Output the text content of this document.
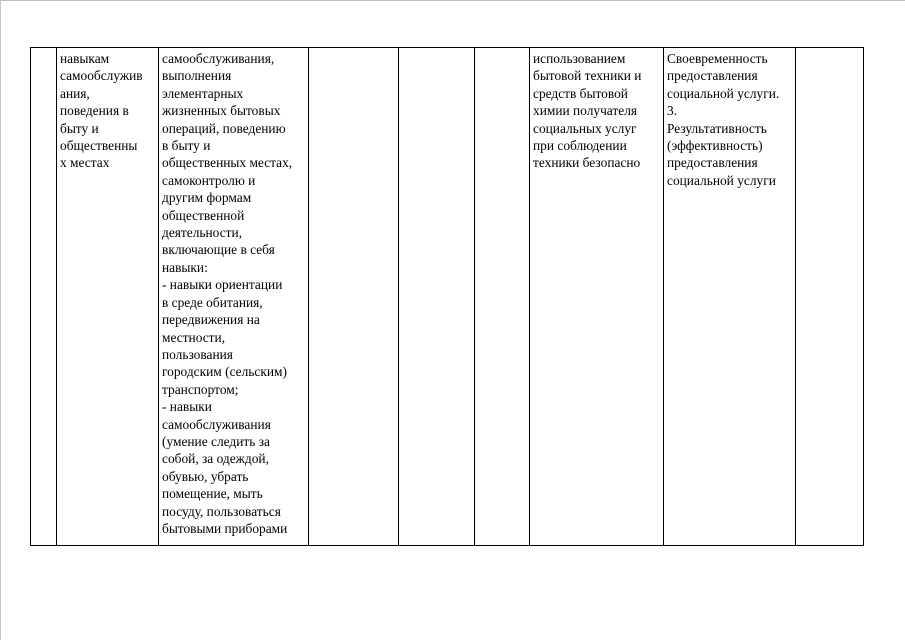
	навыкам
самообслужив
ания,
поведения в
быту и
общественны
х местах	самообслуживания,
выполнения
элементарных
жизненных бытовых
операций, поведению
в быту и
общественных местах,
самоконтролю и
другим формам
общественной
деятельности,
включающие в себя
навыки:
- навыки ориентации
в среде обитания,
передвижения на
местности,
пользования
городским (сельским)
транспортом;
- навыки
самообслуживания
(умение следить за
собой, за одеждой,
обувью, убрать
помещение, мыть
посуду, пользоваться
бытовыми приборами				использованием
бытовой техники и
средств бытовой
химии получателя
социальных услуг
при соблюдении
техники безопасно	Своевременность
предоставления
социальной услуги.
3.
Результативность
(эффективность)
предоставления
социальной услуги	
